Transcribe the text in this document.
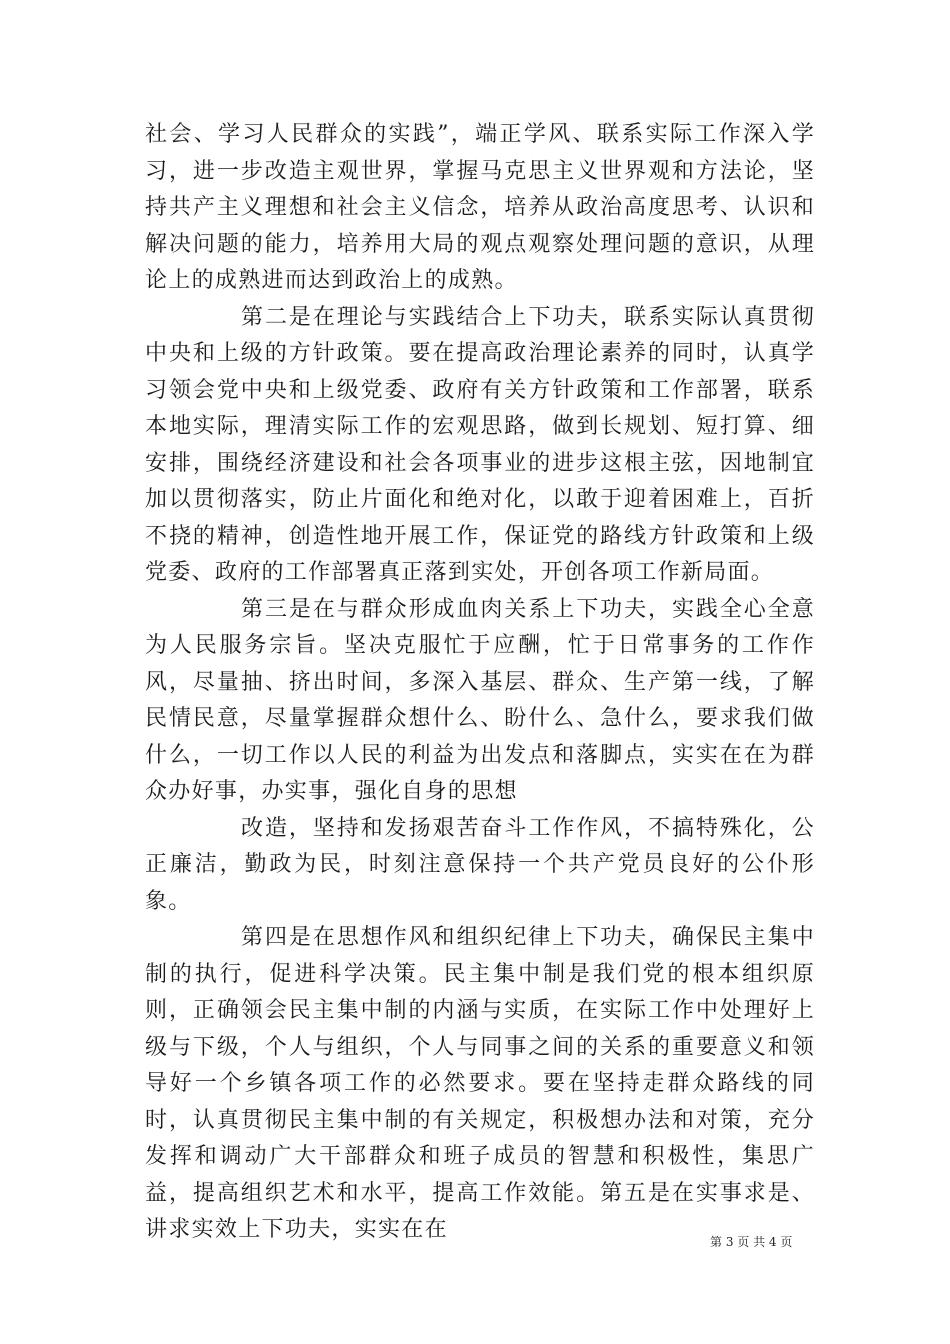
社会、学习人民群众的实践”，端正学风、联系实际工作深入学习，进一步改造主观世界，掌握马克思主义世界观和方法论，坚持共产主义理想和社会主义信念，培养从政治高度思考、认识和解决问题的能力，培养用大局的观点观察处理问题的意识，从理论上的成熟进而达到政治上的成熟。

第二是在理论与实践结合上下功夫，联系实际认真贯彻中央和上级的方针政策。要在提高政治理论素养的同时，认真学习领会党中央和上级党委、政府有关方针政策和工作部署，联系本地实际，理清实际工作的宏观思路，做到长规划、短打算、细安排，围绕经济建设和社会各项事业的进步这根主弦，因地制宜加以贯彻落实，防止片面化和绝对化，以敢于迎着困难上，百折不挠的精神，创造性地开展工作，保证党的路线方针政策和上级党委、政府的工作部署真正落到实处，开创各项工作新局面。

第三是在与群众形成血肉关系上下功夫，实践全心全意为人民服务宗旨。坚决克服忙于应酬，忙于日常事务的工作作风，尽量抽、挤出时间，多深入基层、群众、生产第一线，了解民情民意，尽量掌握群众想什么、盼什么、急什么，要求我们做什么，一切工作以人民的利益为出发点和落脚点，实实在在为群众办好事，办实事，强化自身的思想

改造，坚持和发扬艰苦奋斗工作作风，不搞特殊化，公正廉洁，勤政为民，时刻注意保持一个共产党员良好的公仆形象。

第四是在思想作风和组织纪律上下功夫，确保民主集中制的执行，促进科学决策。民主集中制是我们党的根本组织原则，正确领会民主集中制的内涵与实质，在实际工作中处理好上级与下级，个人与组织，个人与同事之间的关系的重要意义和领导好一个乡镇各项工作的必然要求。要在坚持走群众路线的同时，认真贯彻民主集中制的有关规定，积极想办法和对策，充分发挥和调动广大干部群众和班子成员的智慧和积极性，集思广益，提高组织艺术和水平，提高工作效能。第五是在实事求是、讲求实效上下功夫，实实在在	第 3 页 共 4 页
